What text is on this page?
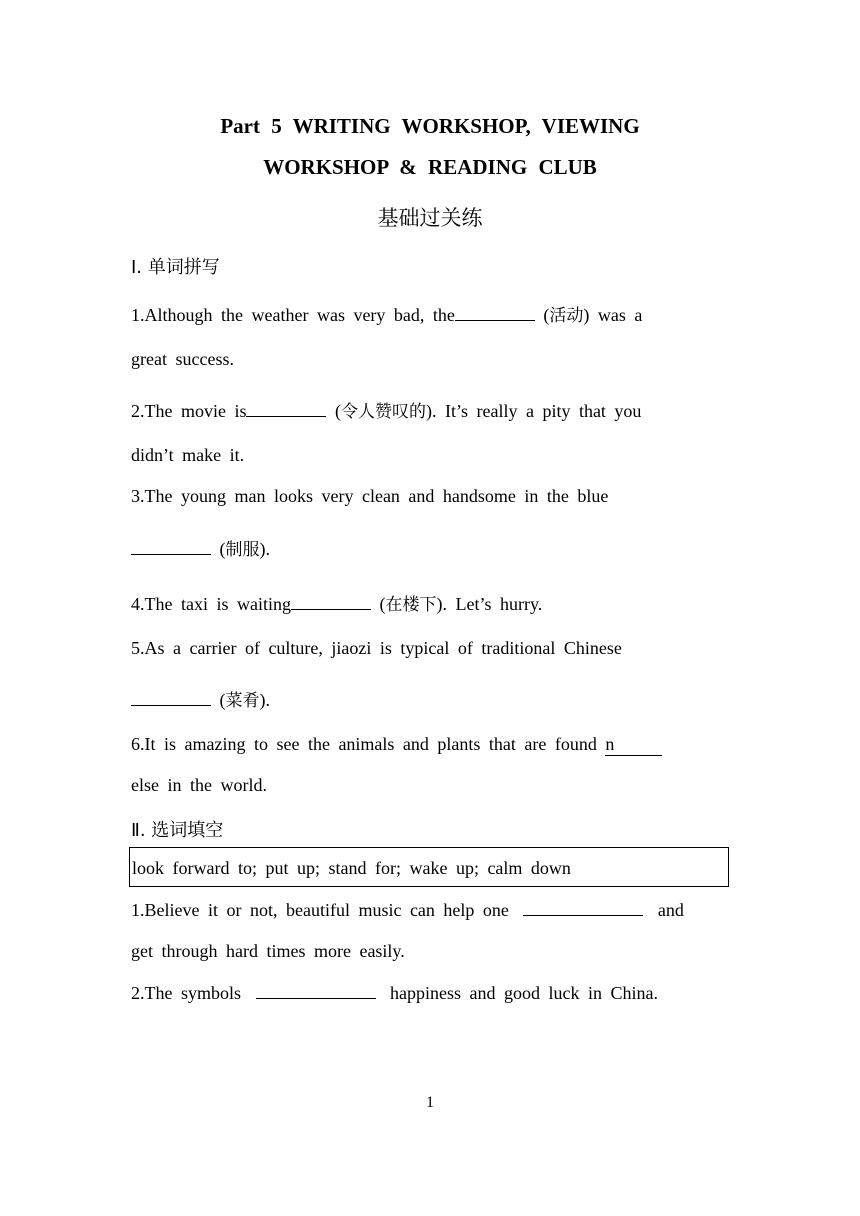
Part 5 WRITING WORKSHOP, VIEWING
WORKSHOP & READING CLUB
基础过关练
Ⅰ. 单词拼写
1.Although the weather was very bad, the	(活动) was a
great success.
2.The movie is	(令人赞叹的). It’s really a pity that you
didn’t make it.
3.The young man looks very clean and handsome in the blue
(制服).
4.The taxi is waiting	(在楼下). Let’s hurry.
5.As a carrier of culture, jiaozi is typical of traditional Chinese
(菜肴).
6.It is amazing to see the animals and plants that are found n
else in the world.
Ⅱ. 选词填空
look forward to; put up; stand for; wake up; calm down
1.Believe it or not, beautiful music can help one	and
get through hard times more easily.
2.The symbols	happiness and good luck in China.
1
